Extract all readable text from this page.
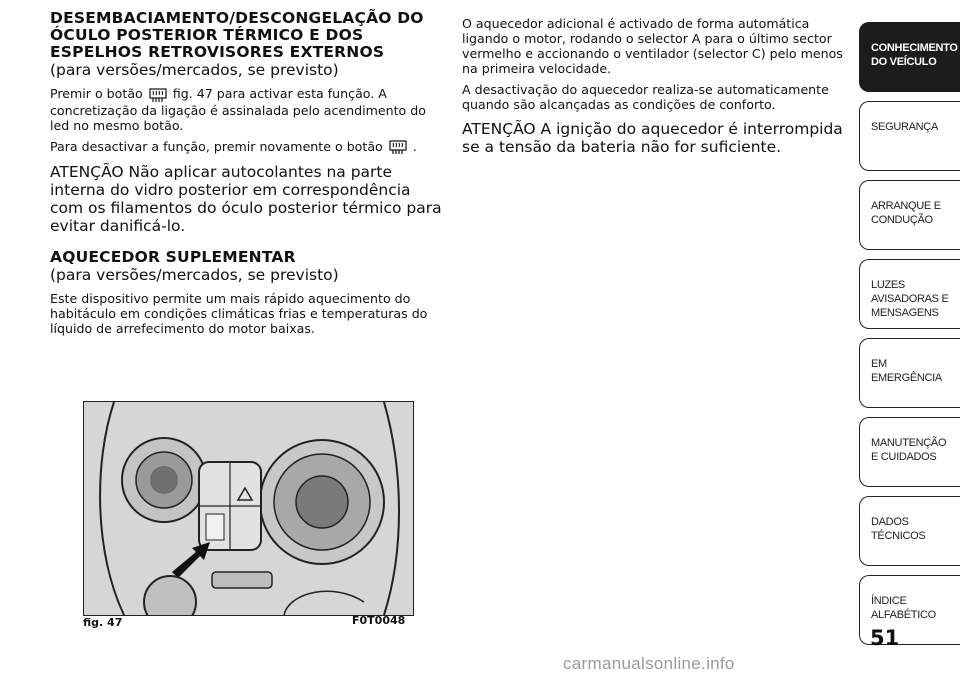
DESEMBACIAMENTO/DESCONGELAÇÃO DO ÓCULO POSTERIOR TÉRMICO E DOS ESPELHOS RETROVISORES EXTERNOS

(para versões/mercados, se previsto)

Premir o botão fig. 47 para activar esta função. A concretização da ligação é assinalada pelo acendimento do led no mesmo botão.

Para desactivar a função, premir novamente o botão .

ATENÇÃO Não aplicar autocolantes na parte interna do vidro posterior em correspondência com os filamentos do óculo posterior térmico para evitar danificá-lo.

AQUECEDOR SUPLEMENTAR

(para versões/mercados, se previsto)

Este dispositivo permite um mais rápido aquecimento do habitáculo em condições climáticas frias e temperaturas do líquido de arrefecimento do motor baixas.

fig. 47	F0T0048

O aquecedor adicional é activado de forma automática ligando o motor, rodando o selector A para o último sector vermelho e accionando o ventilador (selector C) pelo menos na primeira velocidade.

A desactivação do aquecedor realiza-se automaticamente quando são alcançadas as condições de conforto.

ATENÇÃO A ignição do aquecedor é interrompida se a tensão da bateria não for suficiente.

CONHECIMENTO DO VEÍCULO
SEGURANÇA
ARRANQUE E CONDUÇÃO
LUZES AVISADORAS E MENSAGENS
EM EMERGÊNCIA
MANUTENÇÃO E CUIDADOS
DADOS TÉCNICOS
ÍNDICE ALFABÉTICO
51
carmanualsonline.info
